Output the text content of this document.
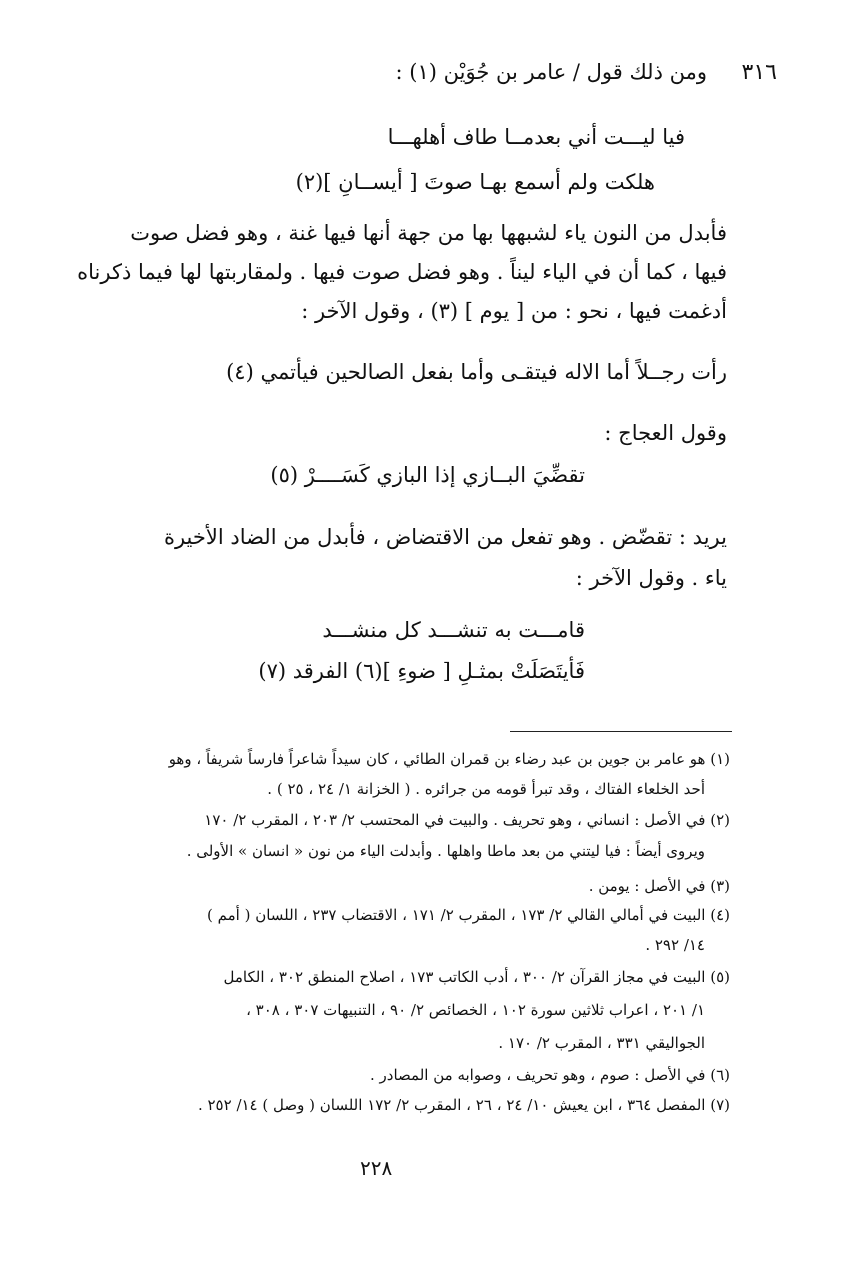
٣١٦
ومن ذلك قول / عامر بن جُوَيْن (١) :
فيا ليـــت أني بعدمــا طاف أهلهـــا
هلكت ولم أسمع بهـا صوتَ [ أيســانِ ](٢)
فأبدل من النون ياء لشبهها بها من جهة أنها فيها غنة ، وهو فضل صوت
فيها ، كما أن في الياء ليناً . وهو فضل صوت فيها . ولمقاربتها لها فيما ذكرناه
أدغمت فيها ، نحو : من [ يوم ] (٣) ، وقول الآخر :
رأت رجــلاً أما الاله فيتقـى وأما بفعل الصالحين فيأتمي (٤)
وقول العجاج :
تقضِّيَ البــازي إذا البازي كَسَــــرْ (٥)
يريد : تقضّض . وهو تفعل من الاقتضاض ، فأبدل من الضاد الأخيرة
ياء . وقول الآخر :
قامـــت به تنشـــد كل منشـــد
فَأيتَصَلَتْ بمثـلِ [ ضوءِ ](٦) الفرقد (٧)
(١) هو عامر بن جوين بن عبد رضاء بن قمران الطائي ، كان سيداً شاعراً فارساً شريفاً ، وهو
أحد الخلعاء الفتاك ، وقد تبرأ قومه من جرائره . ( الخزانة ١/ ٢٤ ، ٢٥ ) .
(٢) في الأصل : انساني ، وهو تحريف . والبيت في المحتسب ٢/ ٢٠٣ ، المقرب ٢/ ١٧٠
ويروى أيضاً : فيا ليتني من بعد ماطا واهلها . وأبدلت الياء من نون « انسان » الأولى .
(٣) في الأصل : يومن .
(٤) البيت في أمالي القالي ٢/ ١٧٣ ، المقرب ٢/ ١٧١ ، الاقتضاب ٢٣٧ ، اللسان ( أمم )
١٤/ ٢٩٢ .
(٥) البيت في مجاز القرآن ٢/ ٣٠٠ ، أدب الكاتب ١٧٣ ، اصلاح المنطق ٣٠٢ ، الكامل
١/ ٢٠١ ، اعراب ثلاثين سورة ١٠٢ ، الخصائص ٢/ ٩٠ ، التنبيهات ٣٠٧ ، ٣٠٨ ،
الجواليقي ٣٣١ ، المقرب ٢/ ١٧٠ .
(٦) في الأصل : صوم ، وهو تحريف ، وصوابه من المصادر .
(٧) المفصل ٣٦٤ ، ابن يعيش ١٠/ ٢٤ ، ٢٦ ، المقرب ٢/ ١٧٢ اللسان ( وصل ) ١٤/ ٢٥٢ .
٢٢٨
